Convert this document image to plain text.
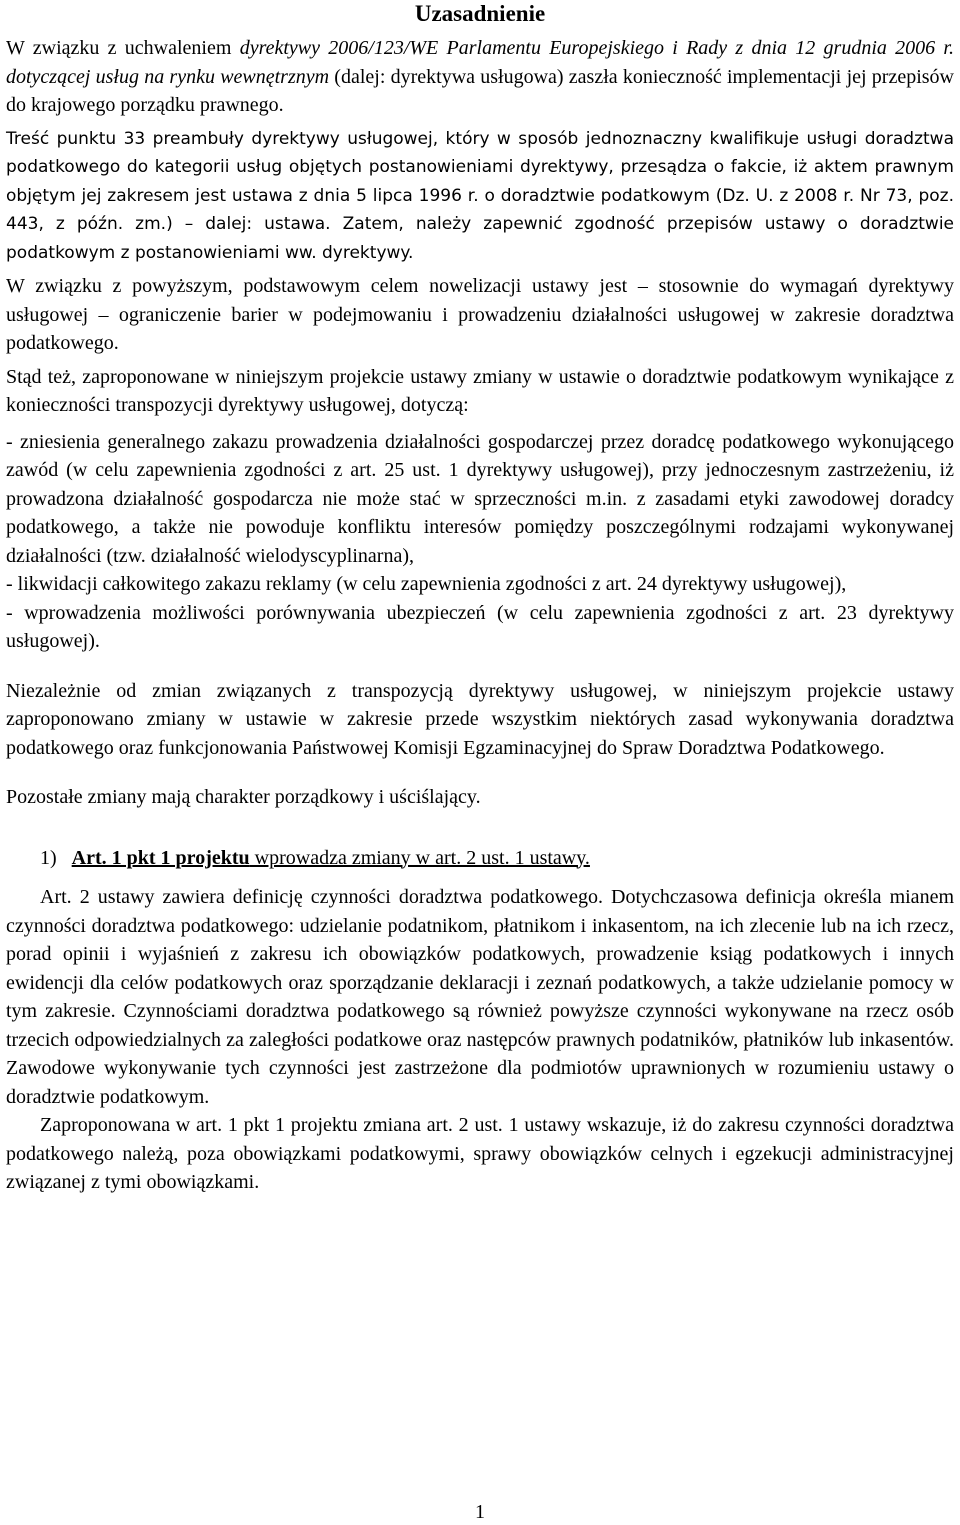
Uzasadnienie
W związku z uchwaleniem dyrektywy 2006/123/WE Parlamentu Europejskiego i Rady z dnia 12 grudnia 2006 r. dotyczącej usług na rynku wewnętrznym (dalej: dyrektywa usługowa) zaszła konieczność implementacji jej przepisów do krajowego porządku prawnego.
Treść punktu 33 preambuły dyrektywy usługowej, który w sposób jednoznaczny kwalifikuje usługi doradztwa podatkowego do kategorii usług objętych postanowieniami dyrektywy, przesądza o fakcie, iż aktem prawnym objętym jej zakresem jest ustawa z dnia 5 lipca 1996 r. o doradztwie podatkowym (Dz. U. z 2008 r. Nr 73, poz. 443, z późn. zm.) – dalej: ustawa. Zatem, należy zapewnić zgodność przepisów ustawy o doradztwie podatkowym z postanowieniami ww. dyrektywy.
W związku z powyższym, podstawowym celem nowelizacji ustawy jest – stosownie do wymagań dyrektywy usługowej – ograniczenie barier w podejmowaniu i prowadzeniu działalności usługowej w zakresie doradztwa podatkowego.
Stąd też, zaproponowane w niniejszym projekcie ustawy zmiany w ustawie o doradztwie podatkowym wynikające z konieczności transpozycji dyrektywy usługowej, dotyczą:
- zniesienia generalnego zakazu prowadzenia działalności gospodarczej przez doradcę podatkowego wykonującego zawód (w celu zapewnienia zgodności z art. 25 ust. 1 dyrektywy usługowej), przy jednoczesnym zastrzeżeniu, iż prowadzona działalność gospodarcza nie może stać w sprzeczności m.in. z zasadami etyki zawodowej doradcy podatkowego, a także nie powoduje konfliktu interesów pomiędzy poszczególnymi rodzajami wykonywanej działalności (tzw. działalność wielodyscyplinarna),
- likwidacji całkowitego zakazu reklamy (w celu zapewnienia zgodności z art. 24 dyrektywy usługowej),
- wprowadzenia możliwości porównywania ubezpieczeń (w celu zapewnienia zgodności z art. 23 dyrektywy usługowej).
Niezależnie od zmian związanych z transpozycją dyrektywy usługowej, w niniejszym projekcie ustawy zaproponowano zmiany w ustawie w zakresie przede wszystkim niektórych zasad wykonywania doradztwa podatkowego oraz funkcjonowania Państwowej Komisji Egzaminacyjnej do Spraw Doradztwa Podatkowego.
Pozostałe zmiany mają charakter porządkowy i uściślający.
1) Art. 1 pkt 1 projektu wprowadza zmiany w art. 2 ust. 1 ustawy.
Art. 2 ustawy zawiera definicję czynności doradztwa podatkowego. Dotychczasowa definicja określa mianem czynności doradztwa podatkowego: udzielanie podatnikom, płatnikom i inkasentom, na ich zlecenie lub na ich rzecz, porad opinii i wyjaśnień z zakresu ich obowiązków podatkowych, prowadzenie ksiąg podatkowych i innych ewidencji dla celów podatkowych oraz sporządzanie deklaracji i zeznań podatkowych, a także udzielanie pomocy w tym zakresie. Czynnościami doradztwa podatkowego są również powyższe czynności wykonywane na rzecz osób trzecich odpowiedzialnych za zaległości podatkowe oraz następców prawnych podatników, płatników lub inkasentów. Zawodowe wykonywanie tych czynności jest zastrzeżone dla podmiotów uprawnionych w rozumieniu ustawy o doradztwie podatkowym.
Zaproponowana w art. 1 pkt 1 projektu zmiana art. 2 ust. 1 ustawy wskazuje, iż do zakresu czynności doradztwa podatkowego należą, poza obowiązkami podatkowymi, sprawy obowiązków celnych i egzekucji administracyjnej związanej z tymi obowiązkami.
1
